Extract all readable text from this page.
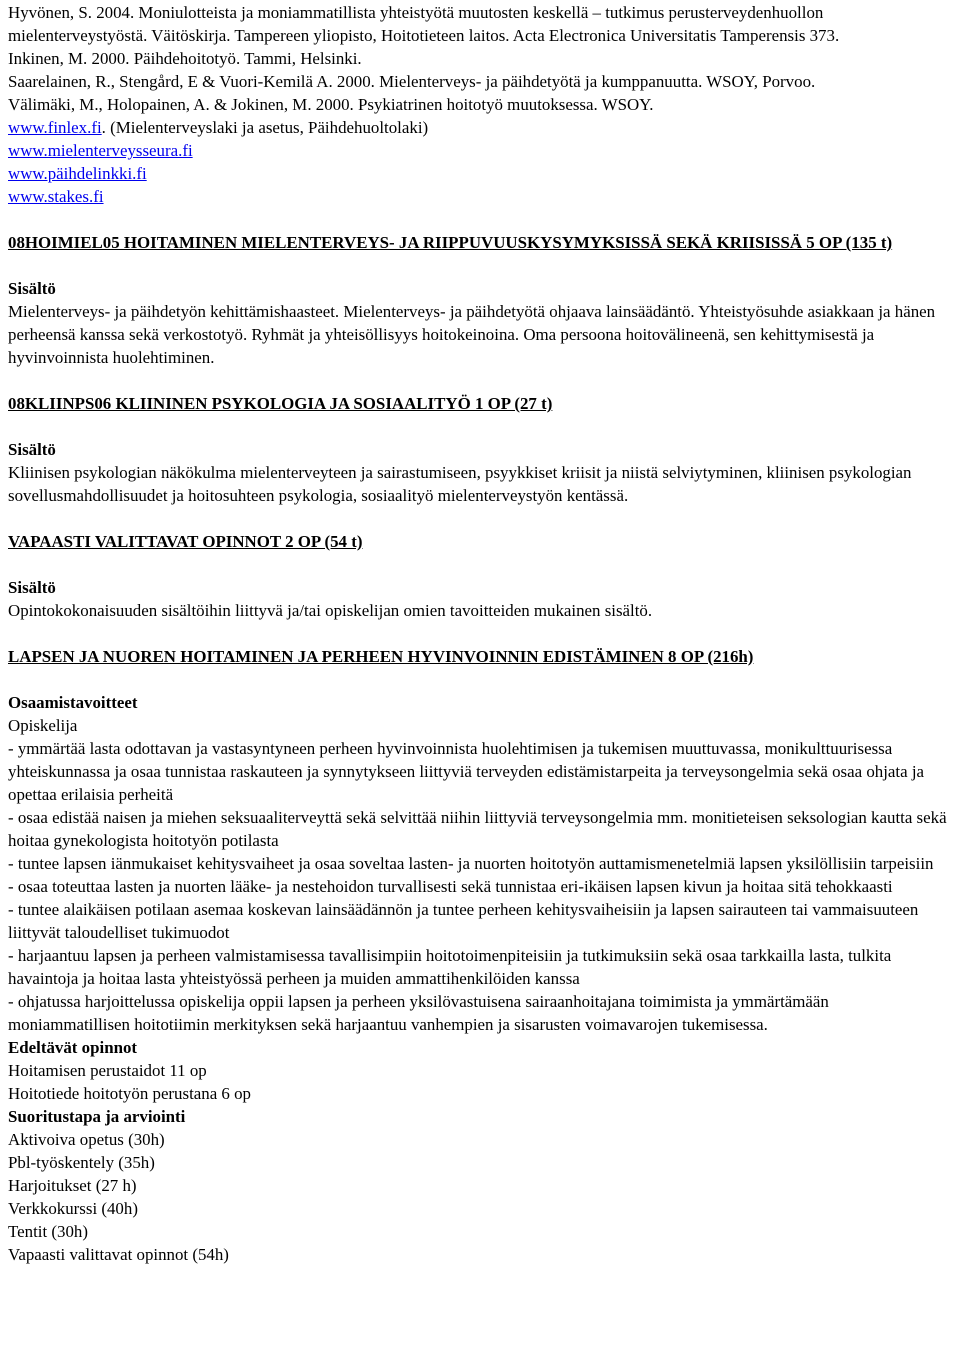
Hyvönen, S. 2004. Moniulotteista ja moniammatillista yhteistyötä muutosten keskellä – tutkimus perusterveydenhuollon mielenterveystyöstä. Väitöskirja. Tampereen yliopisto, Hoitotieteen laitos. Acta Electronica Universitatis Tamperensis 373.

Inkinen, M. 2000. Päihdehoitotyö. Tammi, Helsinki.

Saarelainen, R., Stengård, E & Vuori-Kemilä A. 2000. Mielenterveys- ja päihdetyötä ja kumppanuutta. WSOY, Porvoo.

Välimäki, M., Holopainen, A. & Jokinen, M. 2000. Psykiatrinen hoitotyö muutoksessa. WSOY.

www.finlex.fi. (Mielenterveyslaki ja asetus, Päihdehuoltolaki)

www.mielenterveysseura.fi

www.päihdelinkki.fi

www.stakes.fi

08HOIMIEL05 HOITAMINEN MIELENTERVEYS- JA RIIPPUVUUSKYSYMYKSISSÄ SEKÄ KRIISISSÄ 5 OP (135 t)

Sisältö

Mielenterveys- ja päihdetyön kehittämishaasteet. Mielenterveys- ja päihdetyötä ohjaava lainsäädäntö. Yhteistyösuhde asiakkaan ja hänen perheensä kanssa sekä verkostotyö. Ryhmät ja yhteisöllisyys hoitokeinoina. Oma persoona hoitovälineenä, sen kehittymisestä ja hyvinvoinnista huolehtiminen.

08KLIINPS06 KLIININEN PSYKOLOGIA JA SOSIAALITYÖ 1 OP (27 t)

Sisältö

Kliinisen psykologian näkökulma mielenterveyteen ja sairastumiseen, psyykkiset kriisit ja niistä selviytyminen, kliinisen psykologian sovellusmahdollisuudet ja hoitosuhteen psykologia, sosiaalityö mielenterveystyön kentässä.

VAPAASTI VALITTAVAT OPINNOT 2 OP (54 t)

Sisältö

Opintokokonaisuuden sisältöihin liittyvä ja/tai opiskelijan omien tavoitteiden mukainen sisältö.

LAPSEN JA NUOREN HOITAMINEN JA PERHEEN HYVINVOINNIN EDISTÄMINEN 8 OP (216h)

Osaamistavoitteet

Opiskelija

- ymmärtää lasta odottavan ja vastasyntyneen perheen hyvinvoinnista huolehtimisen ja tukemisen muuttuvassa, monikulttuurisessa yhteiskunnassa ja osaa tunnistaa raskauteen ja synnytykseen liittyviä terveyden edistämistarpeita ja terveysongelmia sekä osaa ohjata ja opettaa erilaisia perheitä

- osaa edistää naisen ja miehen seksuaaliterveyttä sekä selvittää niihin liittyviä terveysongelmia mm. monitieteisen seksologian kautta sekä hoitaa gynekologista hoitotyön potilasta

- tuntee lapsen iänmukaiset kehitysvaiheet ja osaa soveltaa lasten- ja nuorten hoitotyön auttamismenetelmiä lapsen yksilöllisiin tarpeisiin

- osaa toteuttaa lasten ja nuorten lääke- ja nestehoidon turvallisesti sekä tunnistaa eri-ikäisen lapsen kivun ja hoitaa sitä tehokkaasti

- tuntee alaikäisen potilaan asemaa koskevan lainsäädännön ja tuntee perheen kehitysvaiheisiin ja lapsen sairauteen tai vammaisuuteen liittyvät taloudelliset tukimuodot

- harjaantuu lapsen ja perheen valmistamisessa tavallisimpiin hoitotoimenpiteisiin ja tutkimuksiin sekä osaa tarkkailla lasta, tulkita havaintoja ja hoitaa lasta yhteistyössä perheen ja muiden ammattihenkilöiden kanssa

- ohjatussa harjoittelussa opiskelija oppii lapsen ja perheen yksilövastuisena sairaanhoitajana toimimista ja ymmärtämään moniammatillisen hoitotiimin merkityksen sekä harjaantuu vanhempien ja sisarusten voimavarojen tukemisessa.

Edeltävät opinnot

Hoitamisen perustaidot 11 op

Hoitotiede hoitotyön perustana 6 op

Suoritustapa ja arviointi

Aktivoiva opetus (30h)

Pbl-työskentely (35h)

Harjoitukset (27 h)

Verkkokurssi (40h)

Tentit (30h)

Vapaasti valittavat opinnot (54h)
